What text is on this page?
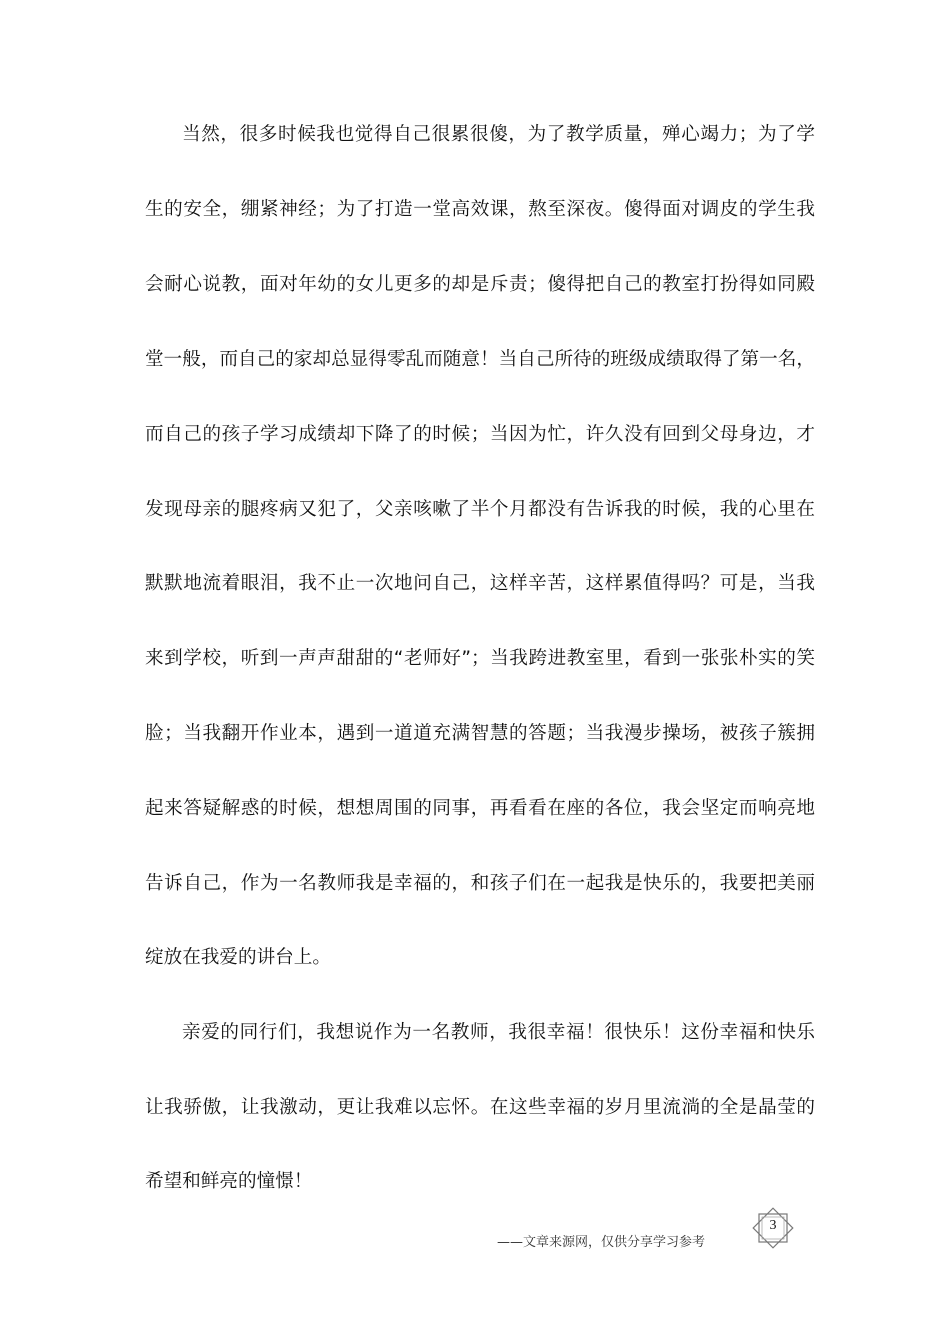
当然，很多时候我也觉得自己很累很傻，为了教学质量，殚心竭力；为了学
生的安全，绷紧神经；为了打造一堂高效课，熬至深夜。傻得面对调皮的学生我
会耐心说教，面对年幼的女儿更多的却是斥责；傻得把自己的教室打扮得如同殿
堂一般，而自己的家却总显得零乱而随意！当自己所待的班级成绩取得了第一名，
而自己的孩子学习成绩却下降了的时候；当因为忙，许久没有回到父母身边，才
发现母亲的腿疼病又犯了，父亲咳嗽了半个月都没有告诉我的时候，我的心里在
默默地流着眼泪，我不止一次地问自己，这样辛苦，这样累值得吗？可是，当我
来到学校，听到一声声甜甜的“老师好”；当我跨进教室里，看到一张张朴实的笑
脸；当我翻开作业本，遇到一道道充满智慧的答题；当我漫步操场，被孩子簇拥
起来答疑解惑的时候，想想周围的同事，再看看在座的各位，我会坚定而响亮地
告诉自己，作为一名教师我是幸福的，和孩子们在一起我是快乐的，我要把美丽
绽放在我爱的讲台上。
亲爱的同行们，我想说作为一名教师，我很幸福！很快乐！这份幸福和快乐
让我骄傲，让我激动，更让我难以忘怀。在这些幸福的岁月里流淌的全是晶莹的
希望和鲜亮的憧憬！
——文章来源网，仅供分享学习参考
3
